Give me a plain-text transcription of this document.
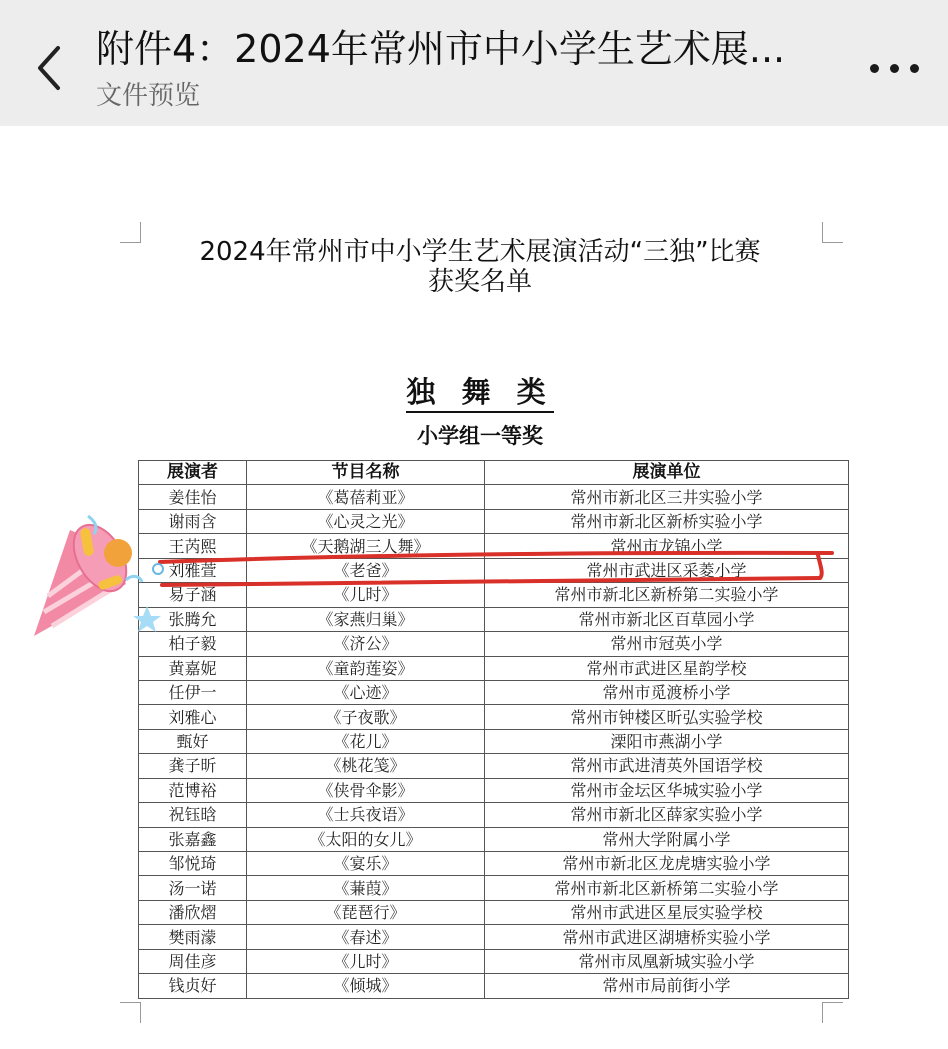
附件4：2024年常州市中小学生艺术展...
文件预览
2024年常州市中小学生艺术展演活动“三独”比赛
获奖名单
独 舞 类
小学组一等奖
展演者	节目名称	展演单位
姜佳怡	《葛蓓莉亚》	常州市新北区三井实验小学
谢雨含	《心灵之光》	常州市新北区新桥实验小学
王芮熙	《天鹅湖三人舞》	常州市龙锦小学
刘雅萱	《老爸》	常州市武进区采菱小学
易子涵	《儿时》	常州市新北区新桥第二实验小学
张腾允	《家燕归巢》	常州市新北区百草园小学
柏子毅	《济公》	常州市冠英小学
黄嘉妮	《童韵莲姿》	常州市武进区星韵学校
任伊一	《心迹》	常州市觅渡桥小学
刘雅心	《子夜歌》	常州市钟楼区昕弘实验学校
甄好	《花儿》	溧阳市燕湖小学
龚子昕	《桃花笺》	常州市武进清英外国语学校
范博裕	《侠骨伞影》	常州市金坛区华城实验小学
祝钰晗	《士兵夜语》	常州市新北区薛家实验小学
张嘉鑫	《太阳的女儿》	常州大学附属小学
邹悦琦	《宴乐》	常州市新北区龙虎塘实验小学
汤一诺	《蒹葭》	常州市新北区新桥第二实验小学
潘欣熠	《琵琶行》	常州市武进区星辰实验学校
樊雨濛	《春述》	常州市武进区湖塘桥实验小学
周佳彦	《儿时》	常州市凤凰新城实验小学
钱贞好	《倾城》	常州市局前街小学
